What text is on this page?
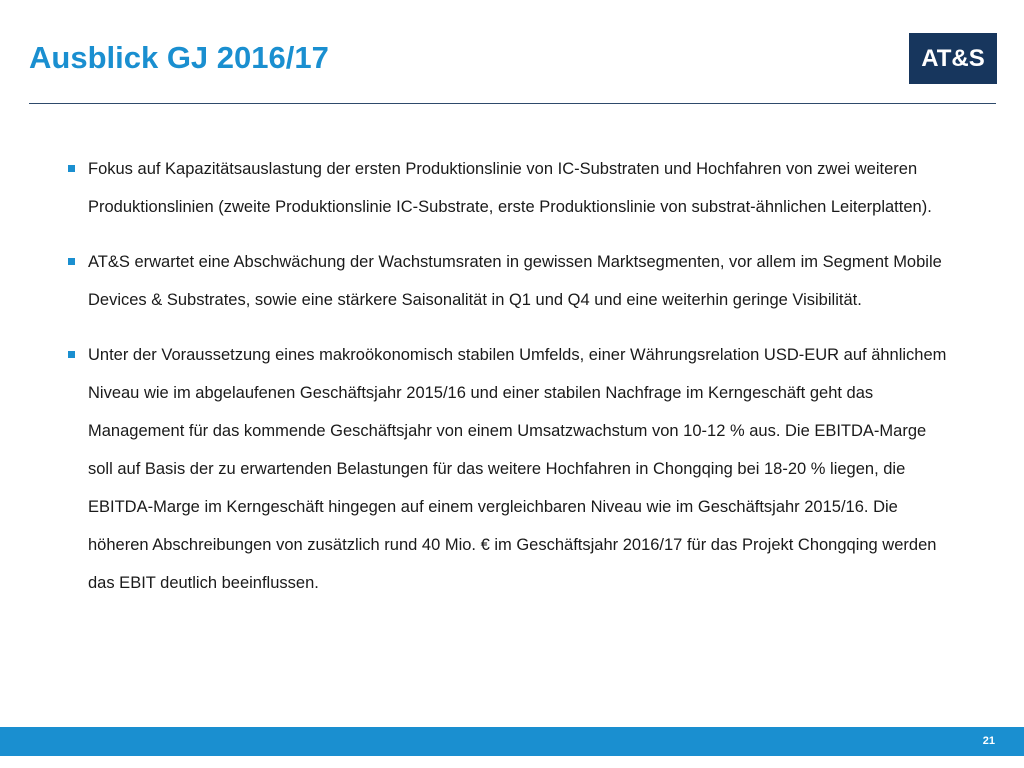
Ausblick GJ 2016/17	AT&S
Fokus auf Kapazitätsauslastung der ersten Produktionslinie von IC-Substraten und Hochfahren von zwei weiteren Produktionslinien (zweite Produktionslinie IC-Substrate, erste Produktionslinie von substrat-ähnlichen Leiterplatten).
AT&S erwartet eine Abschwächung der Wachstumsraten in gewissen Marktsegmenten, vor allem im Segment Mobile Devices & Substrates, sowie eine stärkere Saisonalität in Q1 und Q4 und eine weiterhin geringe Visibilität.
Unter der Voraussetzung eines makroökonomisch stabilen Umfelds, einer Währungsrelation USD-EUR auf ähnlichem Niveau wie im abgelaufenen Geschäftsjahr 2015/16 und einer stabilen Nachfrage im Kerngeschäft geht das Management für das kommende Geschäftsjahr von einem Umsatzwachstum von 10-12 % aus. Die EBITDA-Marge soll auf Basis der zu erwartenden Belastungen für das weitere Hochfahren in Chongqing bei 18-20 % liegen, die EBITDA-Marge im Kerngeschäft hingegen auf einem vergleichbaren Niveau wie im Geschäftsjahr 2015/16. Die höheren Abschreibungen von zusätzlich rund 40 Mio. € im Geschäftsjahr 2016/17 für das Projekt Chongqing werden das EBIT deutlich beeinflussen.
21
